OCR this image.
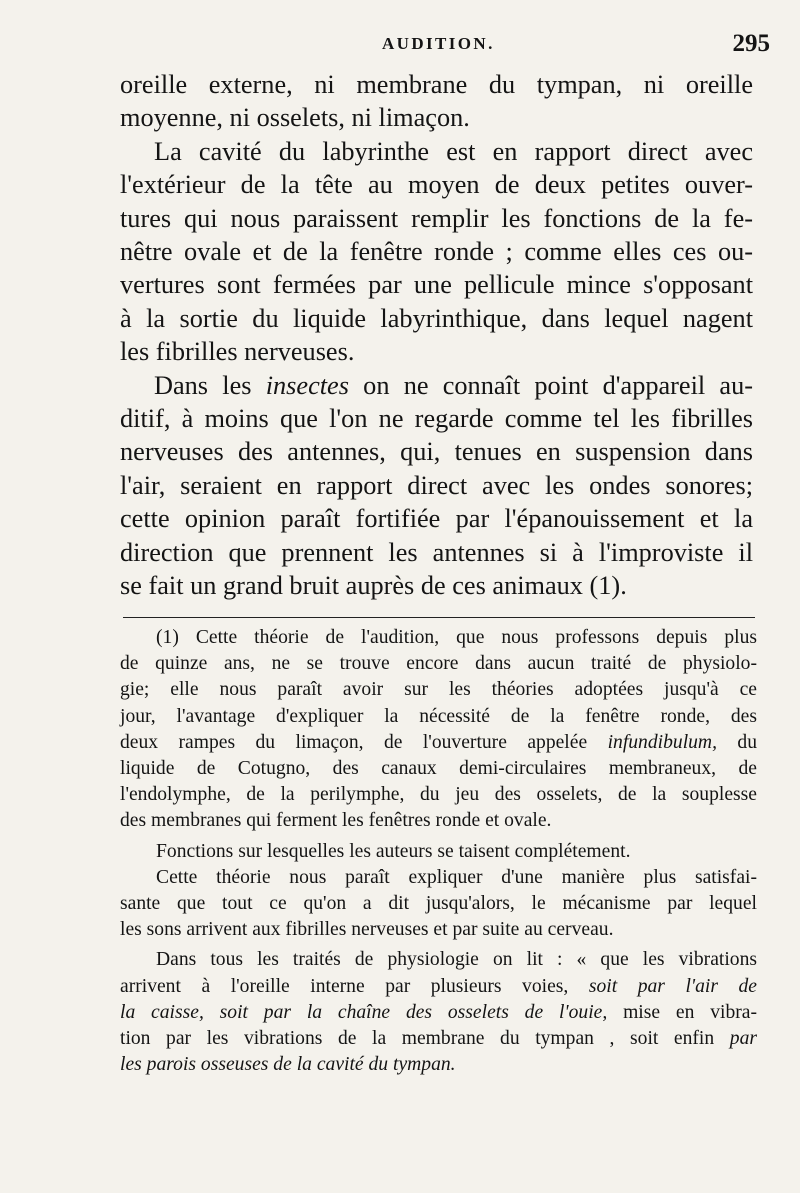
AUDITION.	295
oreille externe, ni membrane du tympan, ni oreille
moyenne, ni osselets, ni limaçon.
La cavité du labyrinthe est en rapport direct avec
l'extérieur de la tête au moyen de deux petites ouver-
tures qui nous paraissent remplir les fonctions de la fe-
nêtre ovale et de la fenêtre ronde ; comme elles ces ou-
vertures sont fermées par une pellicule mince s'opposant
à la sortie du liquide labyrinthique, dans lequel nagent
les fibrilles nerveuses.
Dans les insectes on ne connaît point d'appareil au-
ditif, à moins que l'on ne regarde comme tel les fibrilles
nerveuses des antennes, qui, tenues en suspension dans
l'air, seraient en rapport direct avec les ondes sonores;
cette opinion paraît fortifiée par l'épanouissement et la
direction que prennent les antennes si à l'improviste il
se fait un grand bruit auprès de ces animaux (1).
(1) Cette théorie de l'audition, que nous professons depuis plus
de quinze ans, ne se trouve encore dans aucun traité de physiolo-
gie; elle nous paraît avoir sur les théories adoptées jusqu'à ce
jour, l'avantage d'expliquer la nécessité de la fenêtre ronde, des
deux rampes du limaçon, de l'ouverture appelée infundibulum, du
liquide de Cotugno, des canaux demi-circulaires membraneux, de
l'endolymphe, de la perilymphe, du jeu des osselets, de la souplesse
des membranes qui ferment les fenêtres ronde et ovale.
Fonctions sur lesquelles les auteurs se taisent complétement.
Cette théorie nous paraît expliquer d'une manière plus satisfai-
sante que tout ce qu'on a dit jusqu'alors, le mécanisme par lequel
les sons arrivent aux fibrilles nerveuses et par suite au cerveau.
Dans tous les traités de physiologie on lit : « que les vibrations
arrivent à l'oreille interne par plusieurs voies, soit par l'air de
la caisse, soit par la chaîne des osselets de l'ouie, mise en vibra-
tion par les vibrations de la membrane du tympan , soit enfin par
les parois osseuses de la cavité du tympan.
